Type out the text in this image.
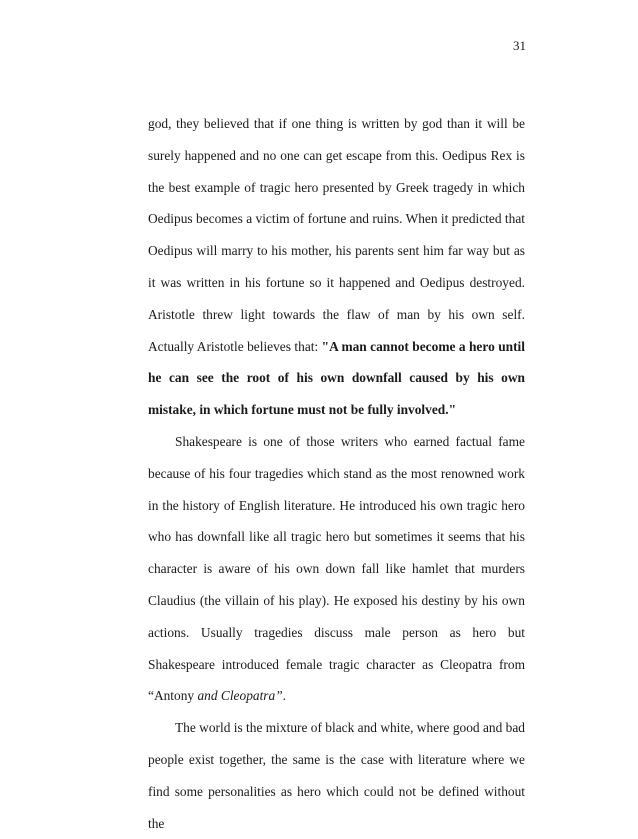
31

god, they believed that if one thing is written by god than it will be surely happened and no one can get escape from this. Oedipus Rex is the best example of tragic hero presented by Greek tragedy in which Oedipus becomes a victim of fortune and ruins. When it predicted that Oedipus will marry to his mother, his parents sent him far way but as it was written in his fortune so it happened and Oedipus destroyed. Aristotle threw light towards the flaw of man by his own self. Actually Aristotle believes that: "A man cannot become a hero until he can see the root of his own downfall caused by his own mistake, in which fortune must not be fully involved."

Shakespeare is one of those writers who earned factual fame because of his four tragedies which stand as the most renowned work in the history of English literature. He introduced his own tragic hero who has downfall like all tragic hero but sometimes it seems that his character is aware of his own down fall like hamlet that murders Claudius (the villain of his play). He exposed his destiny by his own actions. Usually tragedies discuss male person as hero but Shakespeare introduced female tragic character as Cleopatra from “Antony and Cleopatra”.

The world is the mixture of black and white, where good and bad people exist together, the same is the case with literature where we find some personalities as hero which could not be defined without the
